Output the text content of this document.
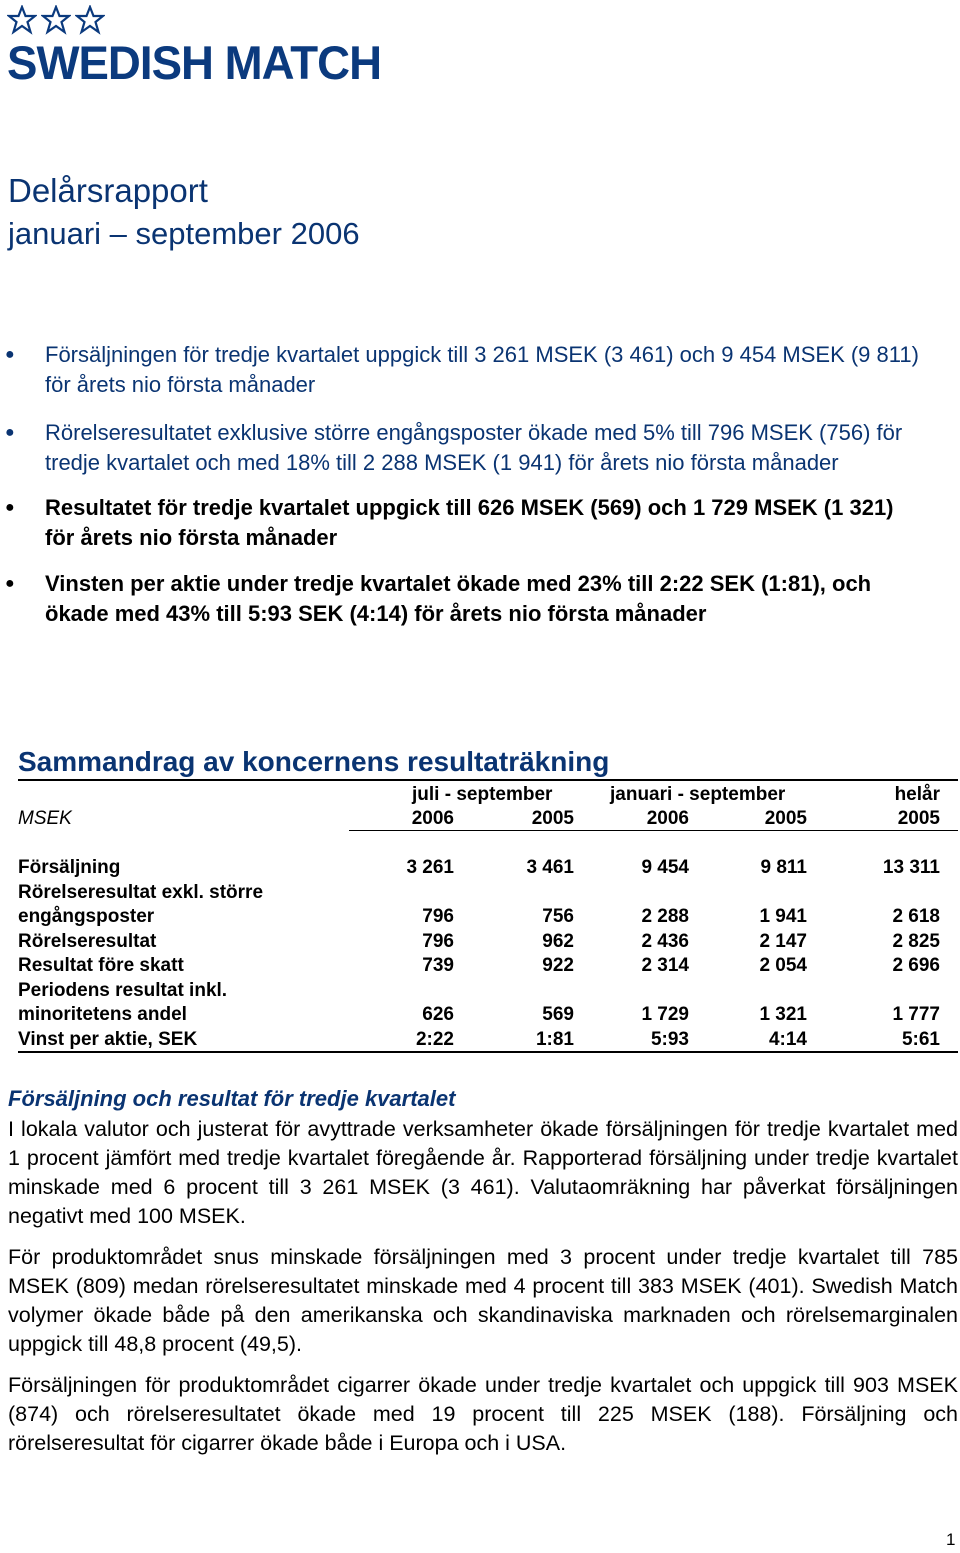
SWEDISH MATCH
Delårsrapport
januari – september 2006
● Försäljningen för tredje kvartalet uppgick till 3 261 MSEK (3 461) och 9 454 MSEK (9 811) för årets nio första månader
● Rörelseresultatet exklusive större engångsposter ökade med 5% till 796 MSEK (756) för tredje kvartalet och med 18% till 2 288 MSEK (1 941) för årets nio första månader
● Resultatet för tredje kvartalet uppgick till 626 MSEK (569) och 1 729 MSEK (1 321) för årets nio första månader
● Vinsten per aktie under tredje kvartalet ökade med 23% till 2:22 SEK (1:81), och ökade med 43% till 5:93 SEK (4:14) för årets nio första månader
Sammandrag av koncernens resultaträkning
juli - september	januari - september	helår
MSEK	2006	2005	2006	2005	2005
Försäljning	3 261	3 461	9 454	9 811	13 311
Rörelseresultat exkl. större
engångsposter	796	756	2 288	1 941	2 618
Rörelseresultat	796	962	2 436	2 147	2 825
Resultat före skatt	739	922	2 314	2 054	2 696
Periodens resultat inkl.
minoritetens andel	626	569	1 729	1 321	1 777
Vinst per aktie, SEK	2:22	1:81	5:93	4:14	5:61
Försäljning och resultat för tredje kvartalet
I lokala valutor och justerat för avyttrade verksamheter ökade försäljningen för tredje kvartalet med 1 procent jämfört med tredje kvartalet föregående år. Rapporterad försäljning under tredje kvartalet minskade med 6 procent till 3 261 MSEK (3 461). Valutaomräkning har påverkat försäljningen negativt med 100 MSEK.
För produktområdet snus minskade försäljningen med 3 procent under tredje kvartalet till 785 MSEK (809) medan rörelseresultatet minskade med 4 procent till 383 MSEK (401). Swedish Match volymer ökade både på den amerikanska och skandinaviska marknaden och rörelsemarginalen uppgick till 48,8 procent (49,5).
Försäljningen för produktområdet cigarrer ökade under tredje kvartalet och uppgick till 903 MSEK (874) och rörelseresultatet ökade med 19 procent till 225 MSEK (188). Försäljning och rörelseresultat för cigarrer ökade både i Europa och i USA.
1
